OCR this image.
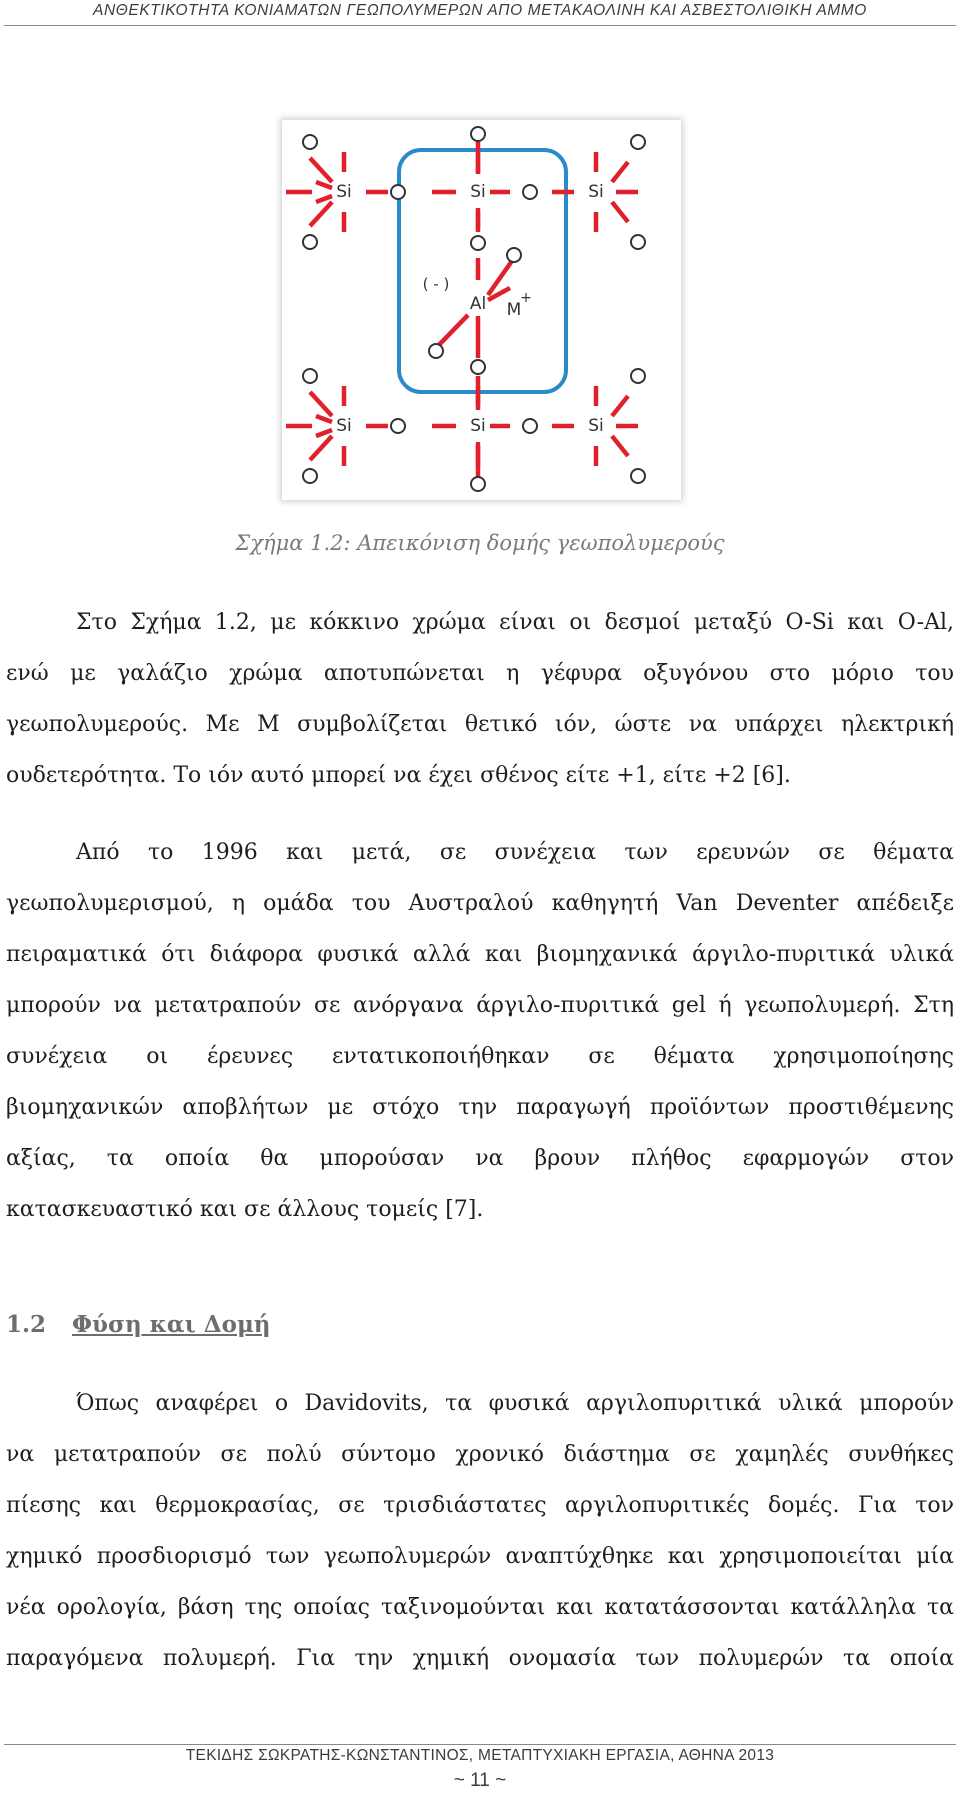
ΑΝΘΕΚΤΙΚΟΤΗΤΑ ΚΟΝΙΑΜΑΤΩΝ ΓΕΩΠΟΛΥΜΕΡΩΝ ΑΠΟ ΜΕΤΑΚΑΟΛΙΝΗ ΚΑΙ ΑΣΒΕΣΤΟΛΙΘΙΚΗ ΑΜΜΟ
Si	Si	Si
Si	Si	Si
Al
( - )
M
+
Σχήμα 1.2: Απεικόνιση δομής γεωπολυμερούς
Στο Σχήμα 1.2, με κόκκινο χρώμα είναι οι δεσμοί μεταξύ O-Si και O-Al,
ενώ με γαλάζιο χρώμα αποτυπώνεται η γέφυρα οξυγόνου στο μόριο του
γεωπολυμερούς. Με Μ συμβολίζεται θετικό ιόν, ώστε να υπάρχει ηλεκτρική
ουδετερότητα. Το ιόν αυτό μπορεί να έχει σθένος είτε +1, είτε +2 [6].
Από το 1996 και μετά, σε συνέχεια των ερευνών σε θέματα
γεωπολυμερισμού, η ομάδα του Αυστραλού καθηγητή Van Deventer απέδειξε
πειραματικά ότι διάφορα φυσικά αλλά και βιομηχανικά άργιλο-πυριτικά υλικά
μπορούν να μετατραπούν σε ανόργανα άργιλο-πυριτικά gel ή γεωπολυμερή. Στη
συνέχεια οι έρευνες εντατικοποιήθηκαν σε θέματα χρησιμοποίησης
βιομηχανικών αποβλήτων με στόχο την παραγωγή προϊόντων προστιθέμενης
αξίας, τα οποία θα μπορούσαν να βρουν πλήθος εφαρμογών στον
κατασκευαστικό και σε άλλους τομείς [7].
1.2 Φύση και Δομή
Όπως αναφέρει ο Davidovits, τα φυσικά αργιλοπυριτικά υλικά μπορούν
να μετατραπούν σε πολύ σύντομο χρονικό διάστημα σε χαμηλές συνθήκες
πίεσης και θερμοκρασίας, σε τρισδιάστατες αργιλοπυριτικές δομές. Για τον
χημικό προσδιορισμό των γεωπολυμερών αναπτύχθηκε και χρησιμοποιείται μία
νέα ορολογία, βάση της οποίας ταξινομούνται και κατατάσσονται κατάλληλα τα
παραγόμενα πολυμερή. Για την χημική ονομασία των πολυμερών τα οποία
ΤΕΚΙΔΗΣ ΣΩΚΡΑΤΗΣ-ΚΩΝΣΤΑΝΤΙΝΟΣ, ΜΕΤΑΠΤΥΧΙΑΚΗ ΕΡΓΑΣΙΑ, ΑΘΗΝΑ 2013
~ 11 ~
